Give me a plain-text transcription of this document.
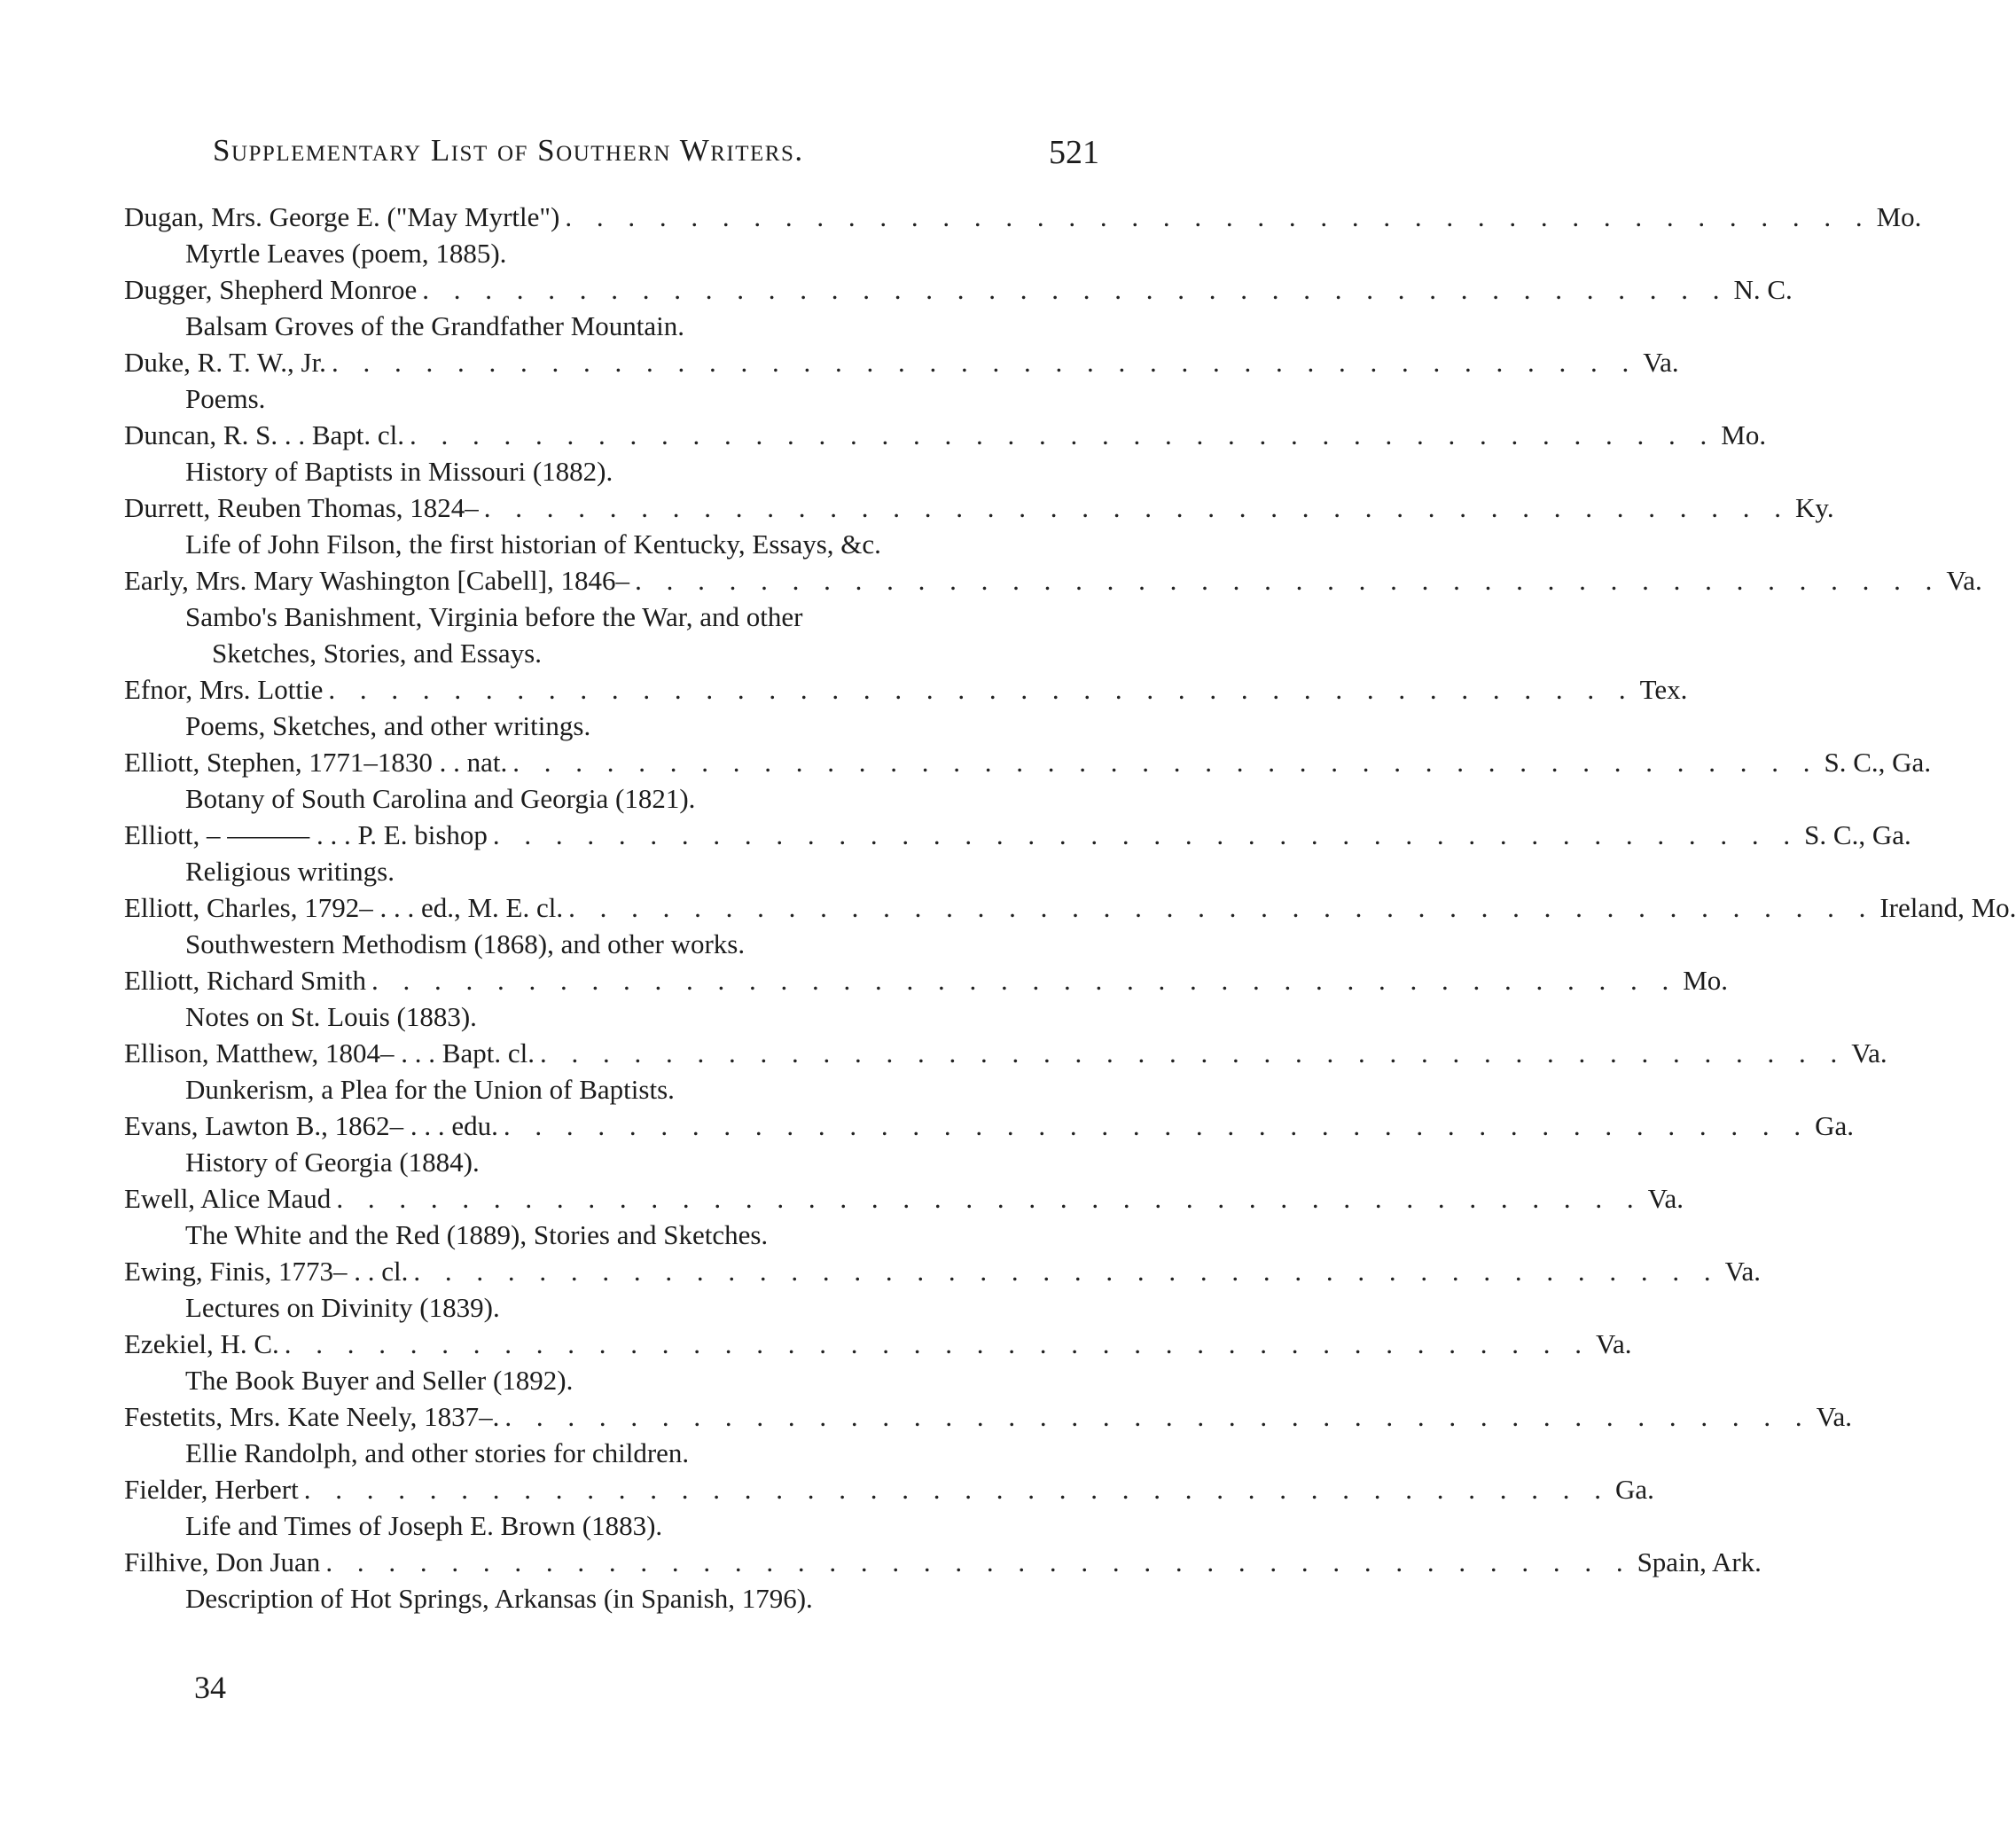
Supplementary List of Southern Writers.	521
Dugan, Mrs. George E. ("May Myrtle") . . . . . . . . . . . . . . . . . . . . . . . . . . . . . . . . . . . . . . . . . . Mo.
Myrtle Leaves (poem, 1885).
Dugger, Shepherd Monroe . . . . . . . . . . . . . . . . . . . . . . . . . . . . . . . . . . . . . . . . . . N. C.
Balsam Groves of the Grandfather Mountain.
Duke, R. T. W., Jr. . . . . . . . . . . . . . . . . . . . . . . . . . . . . . . . . . . . . . . . . . . Va.
Poems.
Duncan, R. S. . . Bapt. cl. . . . . . . . . . . . . . . . . . . . . . . . . . . . . . . . . . . . . . . . . . . Mo.
History of Baptists in Missouri (1882).
Durrett, Reuben Thomas, 1824– . . . . . . . . . . . . . . . . . . . . . . . . . . . . . . . . . . . . . . . . . . Ky.
Life of John Filson, the first historian of Kentucky, Essays, &c.
Early, Mrs. Mary Washington [Cabell], 1846– . . . . . . . . . . . . . . . . . . . . . . . . . . . . . . . . . . . . . . . . . . Va.
Sambo's Banishment, Virginia before the War, and other
Sketches, Stories, and Essays.
Efnor, Mrs. Lottie . . . . . . . . . . . . . . . . . . . . . . . . . . . . . . . . . . . . . . . . . . Tex.
Poems, Sketches, and other writings.
Elliott, Stephen, 1771–1830 . . nat. . . . . . . . . . . . . . . . . . . . . . . . . . . . . . . . . . . . . . . . . . . S. C., Ga.
Botany of South Carolina and Georgia (1821).
Elliott, – ——— . . . P. E. bishop . . . . . . . . . . . . . . . . . . . . . . . . . . . . . . . . . . . . . . . . . . S. C., Ga.
Religious writings.
Elliott, Charles, 1792– . . . ed., M. E. cl. . . . . . . . . . . . . . . . . . . . . . . . . . . . . . . . . . . . . . . . . . . Ireland, Mo.
Southwestern Methodism (1868), and other works.
Elliott, Richard Smith . . . . . . . . . . . . . . . . . . . . . . . . . . . . . . . . . . . . . . . . . . Mo.
Notes on St. Louis (1883).
Ellison, Matthew, 1804– . . . Bapt. cl. . . . . . . . . . . . . . . . . . . . . . . . . . . . . . . . . . . . . . . . . . . Va.
Dunkerism, a Plea for the Union of Baptists.
Evans, Lawton B., 1862– . . . edu. . . . . . . . . . . . . . . . . . . . . . . . . . . . . . . . . . . . . . . . . . . Ga.
History of Georgia (1884).
Ewell, Alice Maud . . . . . . . . . . . . . . . . . . . . . . . . . . . . . . . . . . . . . . . . . . Va.
The White and the Red (1889), Stories and Sketches.
Ewing, Finis, 1773– . . cl. . . . . . . . . . . . . . . . . . . . . . . . . . . . . . . . . . . . . . . . . . . Va.
Lectures on Divinity (1839).
Ezekiel, H. C. . . . . . . . . . . . . . . . . . . . . . . . . . . . . . . . . . . . . . . . . . . Va.
The Book Buyer and Seller (1892).
Festetits, Mrs. Kate Neely, 1837–. . . . . . . . . . . . . . . . . . . . . . . . . . . . . . . . . . . . . . . . . . . Va.
Ellie Randolph, and other stories for children.
Fielder, Herbert . . . . . . . . . . . . . . . . . . . . . . . . . . . . . . . . . . . . . . . . . . Ga.
Life and Times of Joseph E. Brown (1883).
Filhive, Don Juan . . . . . . . . . . . . . . . . . . . . . . . . . . . . . . . . . . . . . . . . . . Spain, Ark.
Description of Hot Springs, Arkansas (in Spanish, 1796).
34
